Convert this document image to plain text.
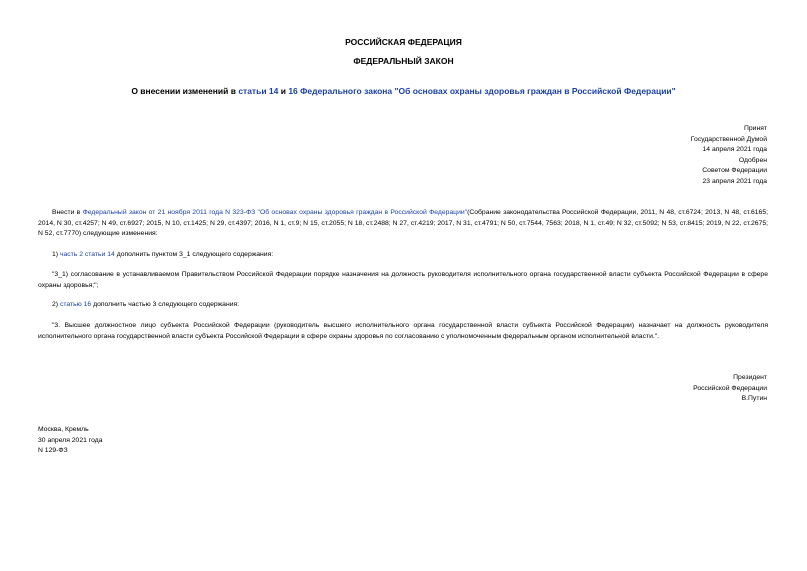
РОССИЙСКАЯ ФЕДЕРАЦИЯ
ФЕДЕРАЛЬНЫЙ ЗАКОН
О внесении изменений в статьи 14 и 16 Федерального закона "Об основах охраны здоровья граждан в Российской Федерации"
Принят
Государственной Думой
14 апреля 2021 года
Одобрен
Советом Федерации
23 апреля 2021 года
Внести в Федеральный закон от 21 ноября 2011 года N 323-ФЗ "Об основах охраны здоровья граждан в Российской Федерации"(Собрание законодательства Российской Федерации, 2011, N 48, ст.6724; 2013, N 48, ст.6165; 2014, N 30, ст.4257; N 49, ст.6927; 2015, N 10, ст.1425; N 29, ст.4397; 2016, N 1, ст.9; N 15, ст.2055; N 18, ст.2488; N 27, ст.4219; 2017, N 31, ст.4791; N 50, ст.7544, 7563; 2018, N 1, ст.49; N 32, ст.5092; N 53, ст.8415; 2019, N 22, ст.2675; N 52, ст.7770) следующие изменения:
1) часть 2 статьи 14 дополнить пунктом 3_1 следующего содержания:
"3_1) согласование в устанавливаемом Правительством Российской Федерации порядке назначения на должность руководителя исполнительного органа государственной власти субъекта Российской Федерации в сфере охраны здоровья;";
2) статью 16 дополнить частью 3 следующего содержания:
"3. Высшее должностное лицо субъекта Российской Федерации (руководитель высшего исполнительного органа государственной власти субъекта Российской Федерации) назначает на должность руководителя исполнительного органа государственной власти субъекта Российской Федерации в сфере охраны здоровья по согласованию с уполномоченным федеральным органом исполнительной власти.".
Президент
Российской Федерации
В.Путин
Москва, Кремль
30 апреля 2021 года
N 129-ФЗ
